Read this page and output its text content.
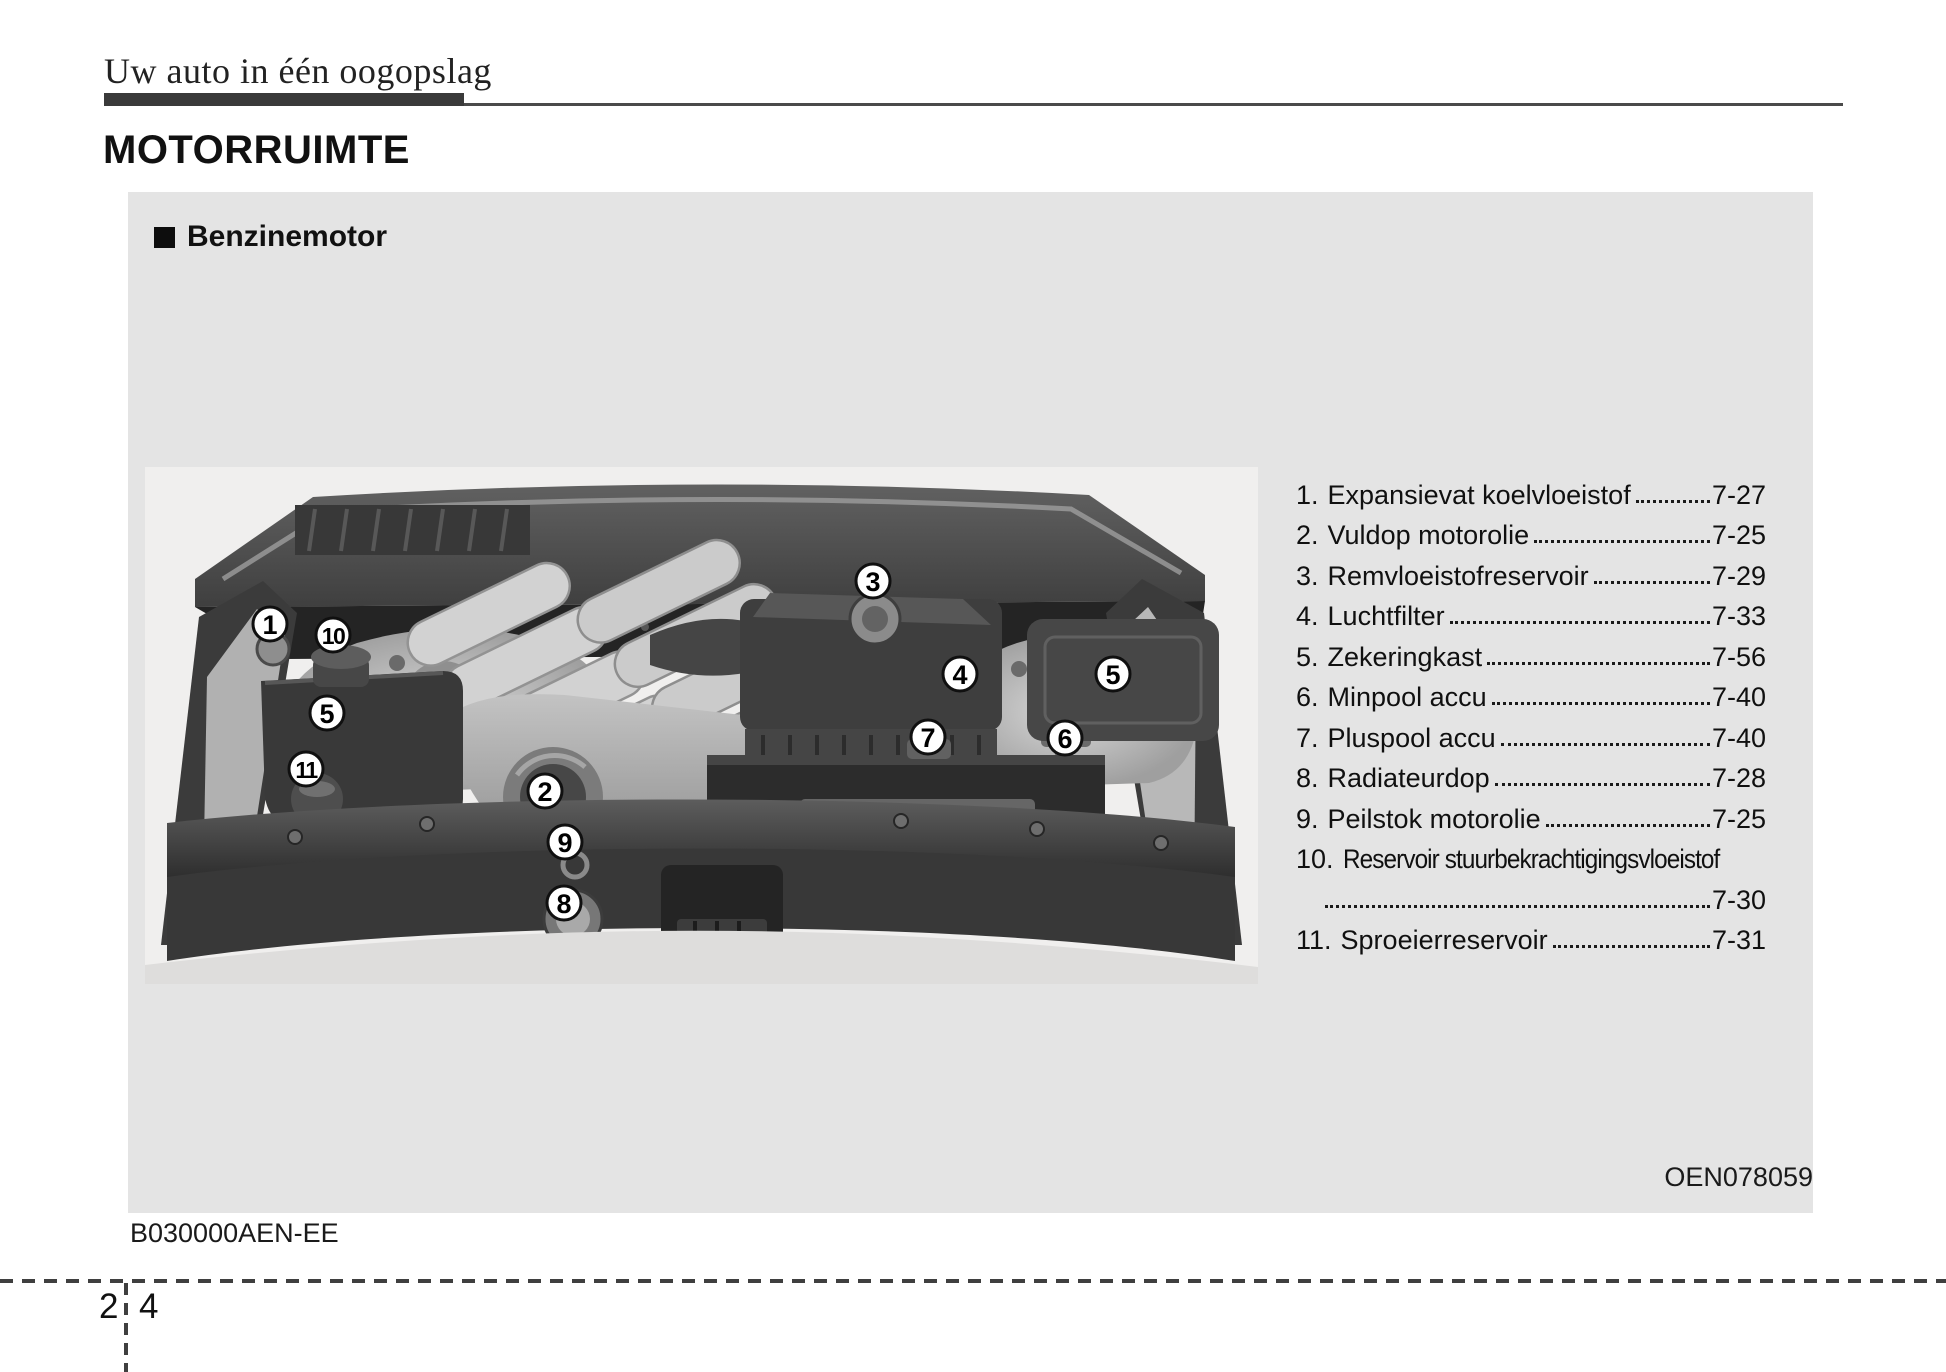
Uw auto in één oogopslag
MOTORRUIMTE
Benzinemotor
1 10
5
11
2
3
4
7	6
5
9
8
OEN078059
1. Expansievat koelvloeistof	7-27
2. Vuldop motorolie	7-25
3. Remvloeistofreservoir	7-29
4. Luchtfilter	7-33
5. Zekeringkast	7-56
6. Minpool accu	7-40
7. Pluspool accu	7-40
8. Radiateurdop	7-28
9. Peilstok motorolie	7-25
10. Reservoir stuurbekrachtigingsvloeistof
7-30
11. Sproeierreservoir	7-31
B030000AEN-EE
2 4
